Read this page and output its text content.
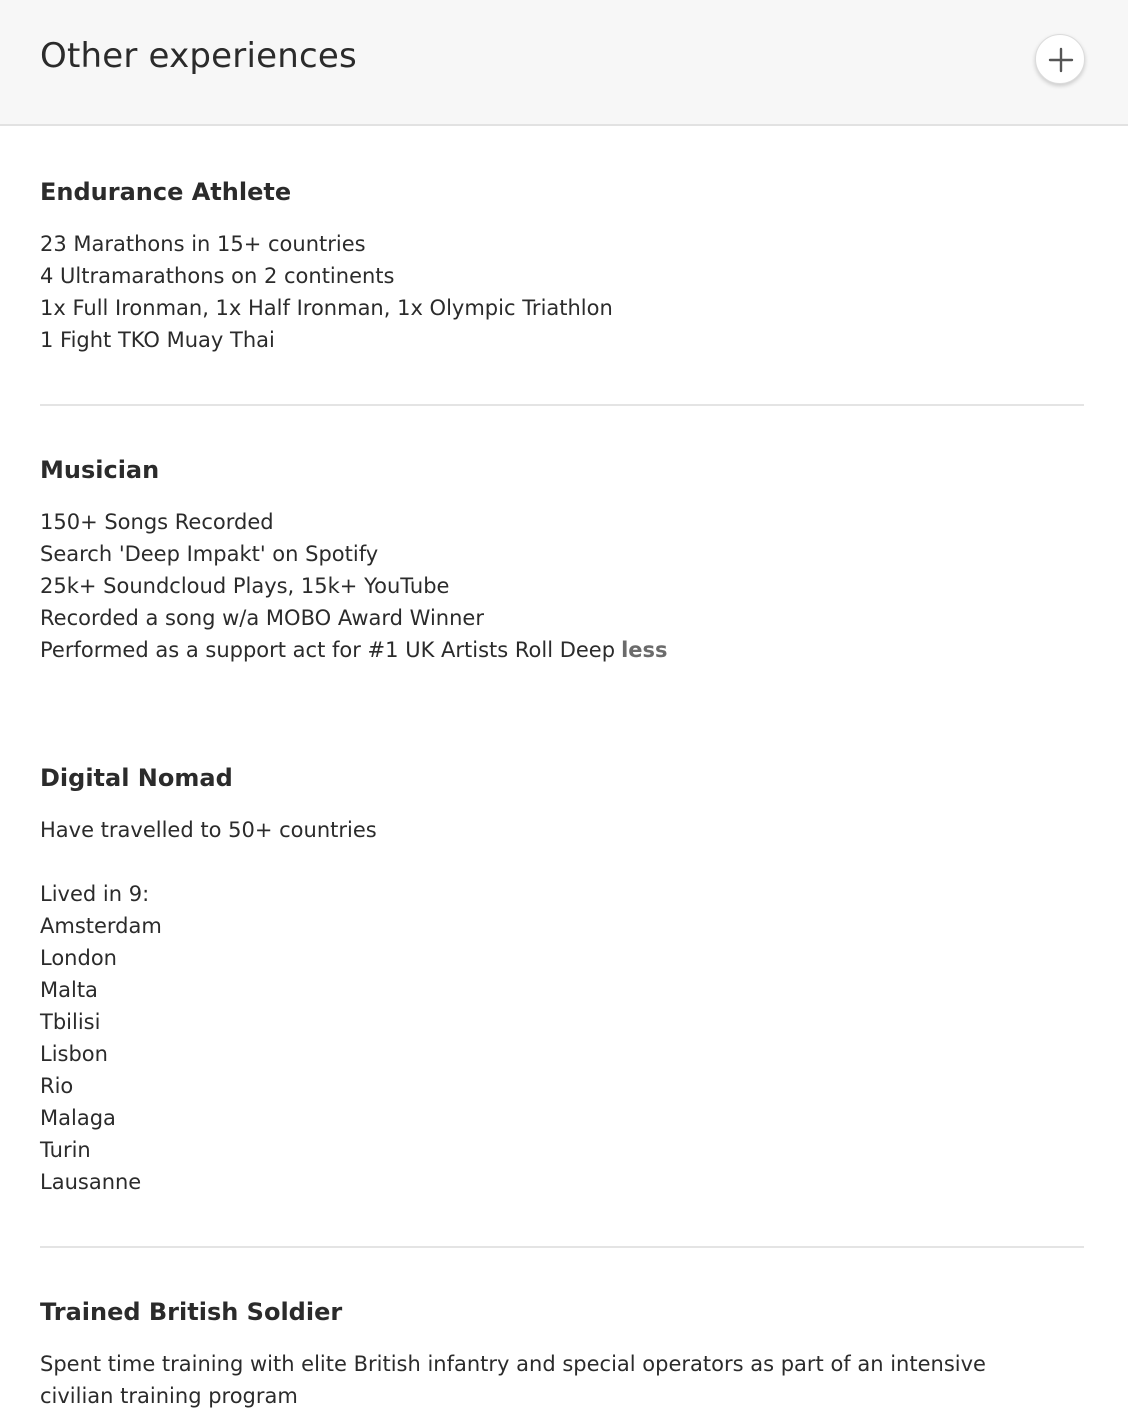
Other experiences
Endurance Athlete
23 Marathons in 15+ countries
4 Ultramarathons on 2 continents
1x Full Ironman, 1x Half Ironman, 1x Olympic Triathlon
1 Fight TKO Muay Thai
Musician
150+ Songs Recorded
Search 'Deep Impakt' on Spotify
25k+ Soundcloud Plays, 15k+ YouTube
Recorded a song w/a MOBO Award Winner
Performed as a support act for #1 UK Artists Roll Deep less
Digital Nomad
Have travelled to 50+ countries
Lived in 9:
Amsterdam
London
Malta
Tbilisi
Lisbon
Rio
Malaga
Turin
Lausanne
Trained British Soldier
Spent time training with elite British infantry and special operators as part of an intensive
civilian training program
